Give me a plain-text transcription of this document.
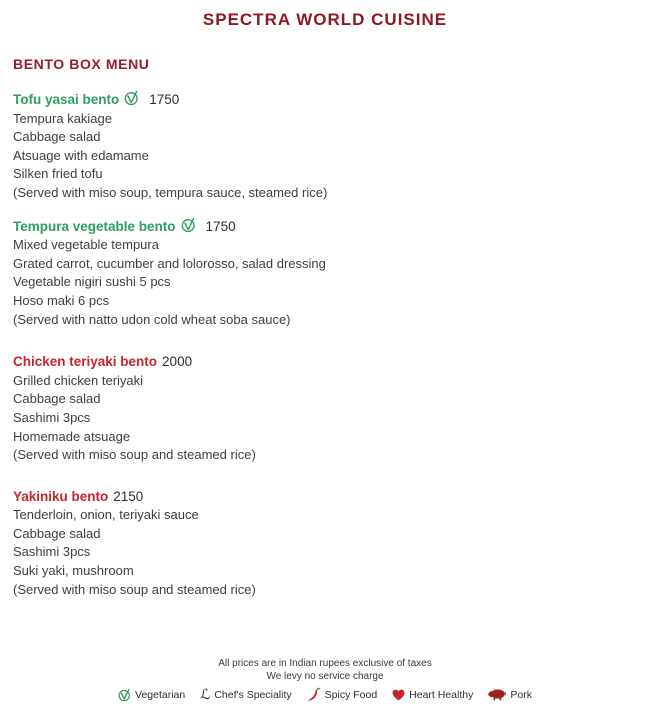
SPECTRA WORLD CUISINE
BENTO BOX MENU
Tofu yasai bento 1750
Tempura kakiage
Cabbage salad
Atsuage with edamame
Silken fried tofu
(Served with miso soup, tempura sauce, steamed rice)
Tempura vegetable bento 1750
Mixed vegetable tempura
Grated carrot, cucumber and lolorosso, salad dressing
Vegetable nigiri sushi 5 pcs
Hoso maki 6 pcs
(Served with natto udon cold wheat soba sauce)
Chicken teriyaki bento 2000
Grilled chicken teriyaki
Cabbage salad
Sashimi 3pcs
Homemade atsuage
(Served with miso soup and steamed rice)
Yakiniku bento 2150
Tenderloin, onion, teriyaki sauce
Cabbage salad
Sashimi 3pcs
Suki yaki, mushroom
(Served with miso soup and steamed rice)
All prices are in Indian rupees exclusive of taxes
We levy no service charge
Vegetarian ℒ Chef's Speciality	Spicy Food	Heart Healthy	Pork
